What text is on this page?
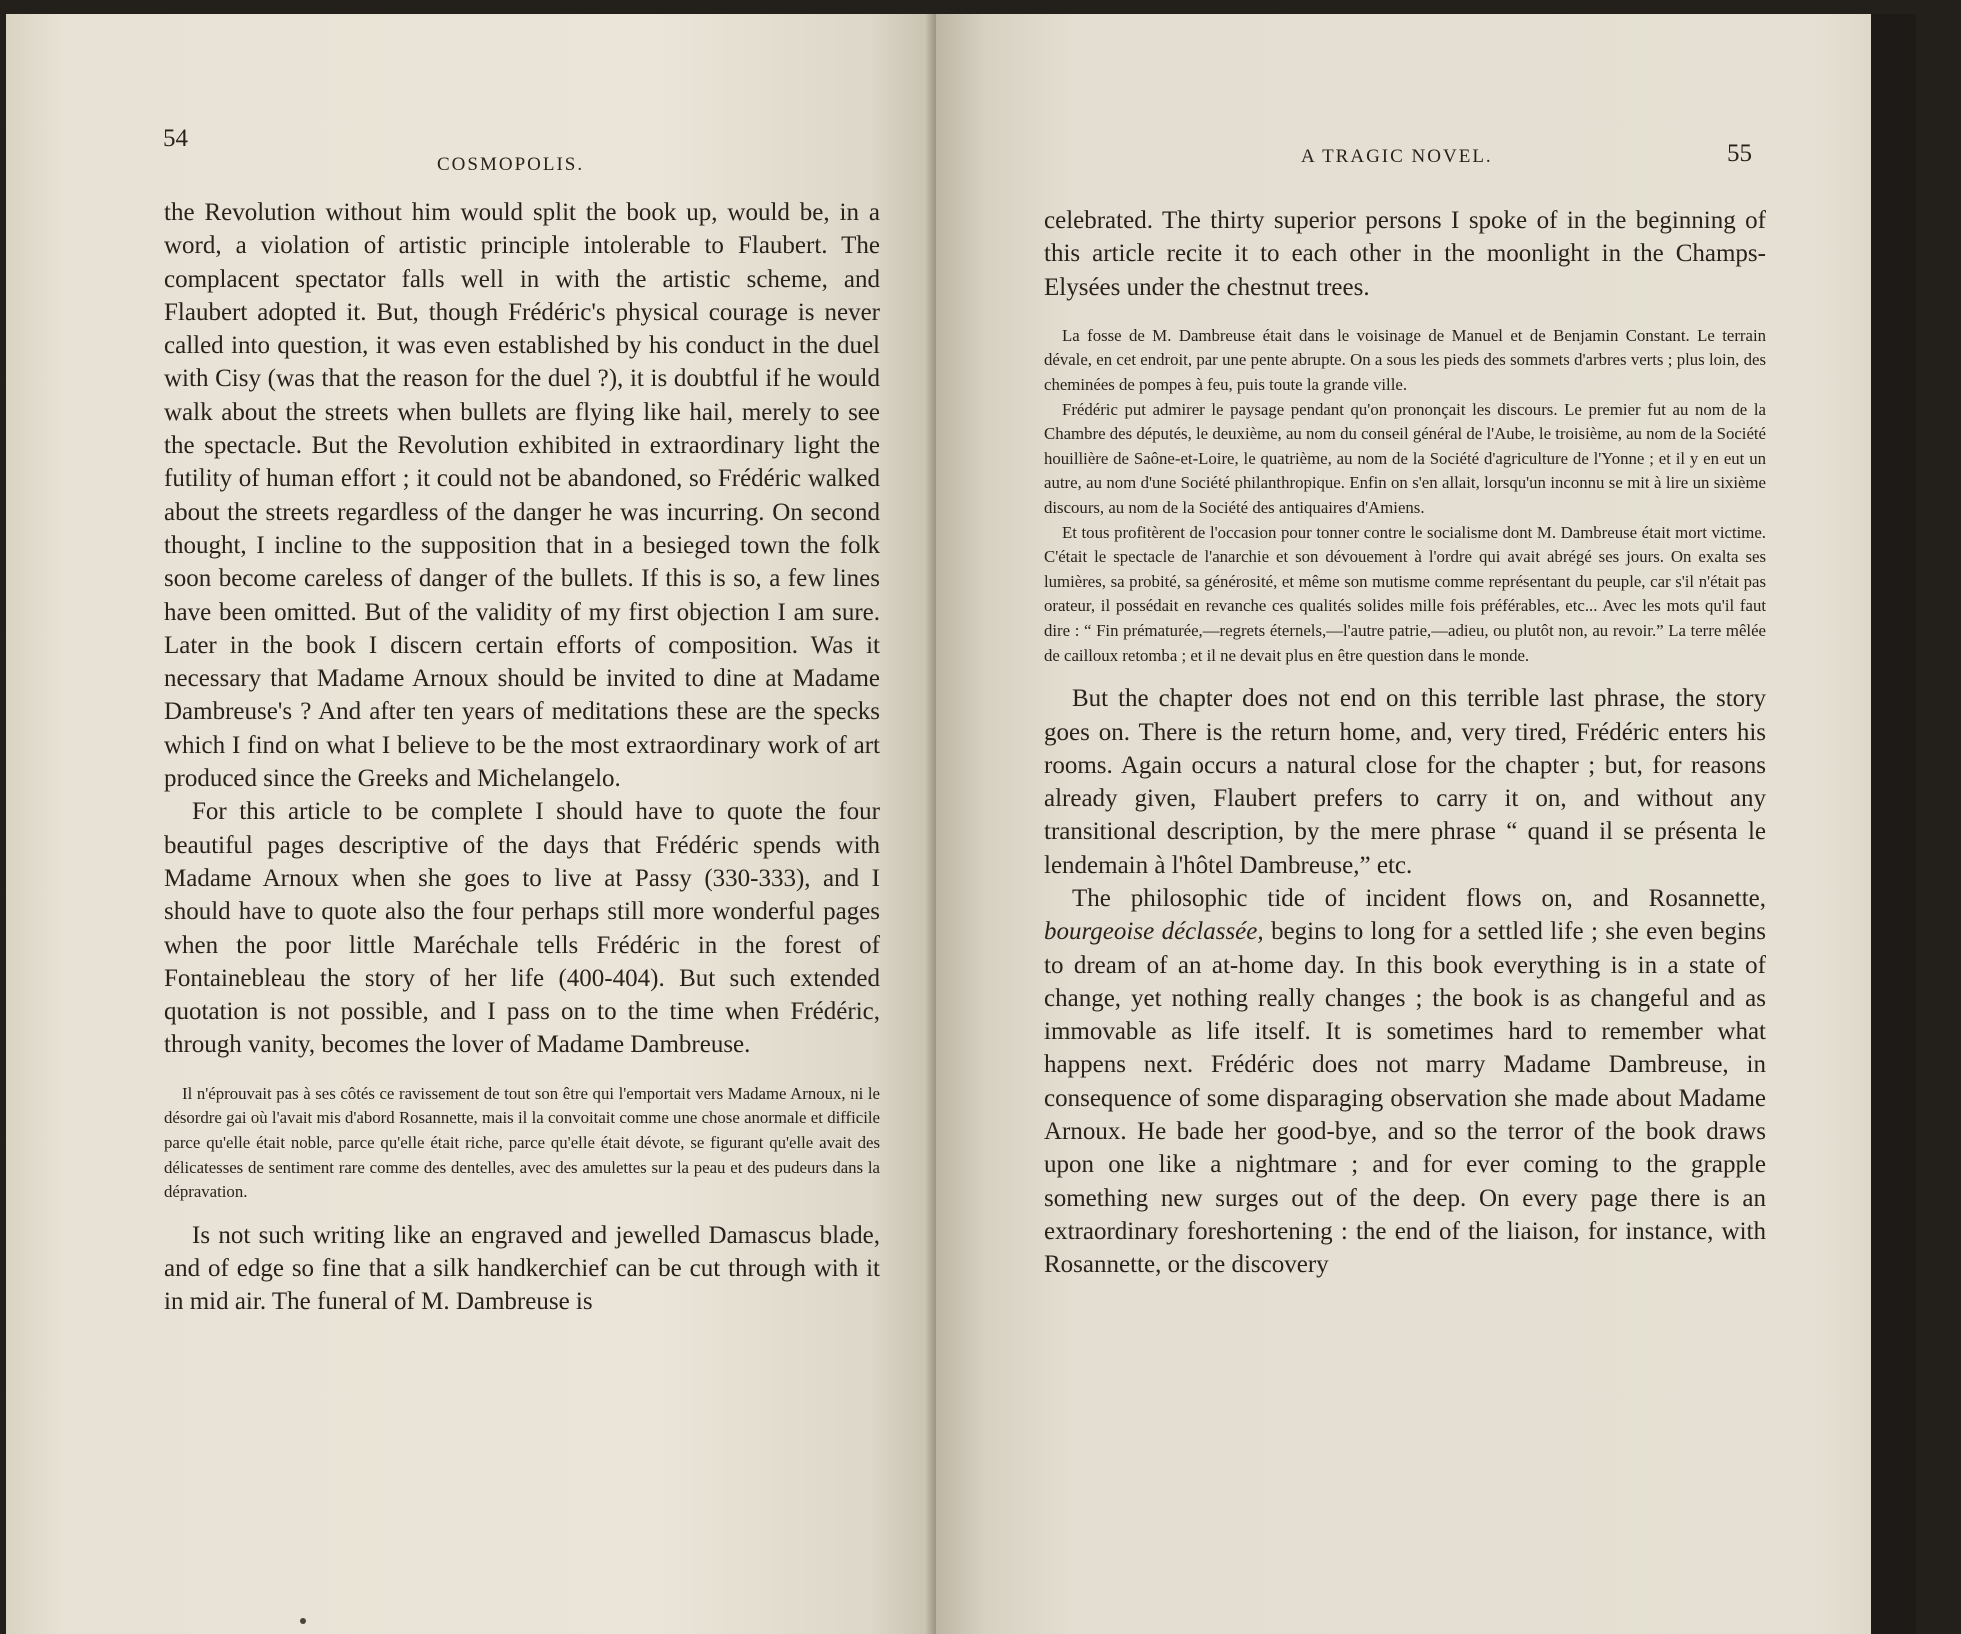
54
COSMOPOLIS.

the Revolution without him would split the book up, would be, in a word, a violation of artistic principle intolerable to Flaubert. The complacent spectator falls well in with the artistic scheme, and Flaubert adopted it. But, though Frédéric's physical courage is never called into question, it was even established by his conduct in the duel with Cisy (was that the reason for the duel ?), it is doubtful if he would walk about the streets when bullets are flying like hail, merely to see the spectacle. But the Revolution exhibited in extraordinary light the futility of human effort ; it could not be abandoned, so Frédéric walked about the streets regardless of the danger he was incurring. On second thought, I incline to the supposition that in a besieged town the folk soon become careless of danger of the bullets. If this is so, a few lines have been omitted. But of the validity of my first objection I am sure. Later in the book I discern certain efforts of composition. Was it necessary that Madame Arnoux should be invited to dine at Madame Dambreuse's ? And after ten years of meditations these are the specks which I find on what I believe to be the most extraordinary work of art produced since the Greeks and Michelangelo.

For this article to be complete I should have to quote the four beautiful pages descriptive of the days that Frédéric spends with Madame Arnoux when she goes to live at Passy (330-333), and I should have to quote also the four perhaps still more wonderful pages when the poor little Maréchale tells Frédéric in the forest of Fontainebleau the story of her life (400-404). But such extended quotation is not possible, and I pass on to the time when Frédéric, through vanity, becomes the lover of Madame Dambreuse.

Il n'éprouvait pas à ses côtés ce ravissement de tout son être qui l'emportait vers Madame Arnoux, ni le désordre gai où l'avait mis d'abord Rosannette, mais il la convoitait comme une chose anormale et difficile parce qu'elle était noble, parce qu'elle était riche, parce qu'elle était dévote, se figurant qu'elle avait des délicatesses de sentiment rare comme des dentelles, avec des amulettes sur la peau et des pudeurs dans la dépravation.

Is not such writing like an engraved and jewelled Damascus blade, and of edge so fine that a silk handkerchief can be cut through with it in mid air. The funeral of M. Dambreuse is

A TRAGIC NOVEL.	55

celebrated. The thirty superior persons I spoke of in the beginning of this article recite it to each other in the moonlight in the Champs-Elysées under the chestnut trees.

La fosse de M. Dambreuse était dans le voisinage de Manuel et de Benjamin Constant. Le terrain dévale, en cet endroit, par une pente abrupte. On a sous les pieds des sommets d'arbres verts ; plus loin, des cheminées de pompes à feu, puis toute la grande ville.

Frédéric put admirer le paysage pendant qu'on prononçait les discours. Le premier fut au nom de la Chambre des députés, le deuxième, au nom du conseil général de l'Aube, le troisième, au nom de la Société houillière de Saône-et-Loire, le quatrième, au nom de la Société d'agriculture de l'Yonne ; et il y en eut un autre, au nom d'une Société philanthropique. Enfin on s'en allait, lorsqu'un inconnu se mit à lire un sixième discours, au nom de la Société des antiquaires d'Amiens.

Et tous profitèrent de l'occasion pour tonner contre le socialisme dont M. Dambreuse était mort victime. C'était le spectacle de l'anarchie et son dévouement à l'ordre qui avait abrégé ses jours. On exalta ses lumières, sa probité, sa générosité, et même son mutisme comme représentant du peuple, car s'il n'était pas orateur, il possédait en revanche ces qualités solides mille fois préférables, etc... Avec les mots qu'il faut dire : “ Fin prématurée,—regrets éternels,—l'autre patrie,—adieu, ou plutôt non, au revoir.” La terre mêlée de cailloux retomba ; et il ne devait plus en être question dans le monde.

But the chapter does not end on this terrible last phrase, the story goes on. There is the return home, and, very tired, Frédéric enters his rooms. Again occurs a natural close for the chapter ; but, for reasons already given, Flaubert prefers to carry it on, and without any transitional description, by the mere phrase “ quand il se présenta le lendemain à l'hôtel Dambreuse,” etc.

The philosophic tide of incident flows on, and Rosannette, bourgeoise déclassée, begins to long for a settled life ; she even begins to dream of an at-home day. In this book everything is in a state of change, yet nothing really changes ; the book is as changeful and as immovable as life itself. It is sometimes hard to remember what happens next. Frédéric does not marry Madame Dambreuse, in consequence of some disparaging observation she made about Madame Arnoux. He bade her good-bye, and so the terror of the book draws upon one like a nightmare ; and for ever coming to the grapple something new surges out of the deep. On every page there is an extraordinary foreshortening : the end of the liaison, for instance, with Rosannette, or the discovery
